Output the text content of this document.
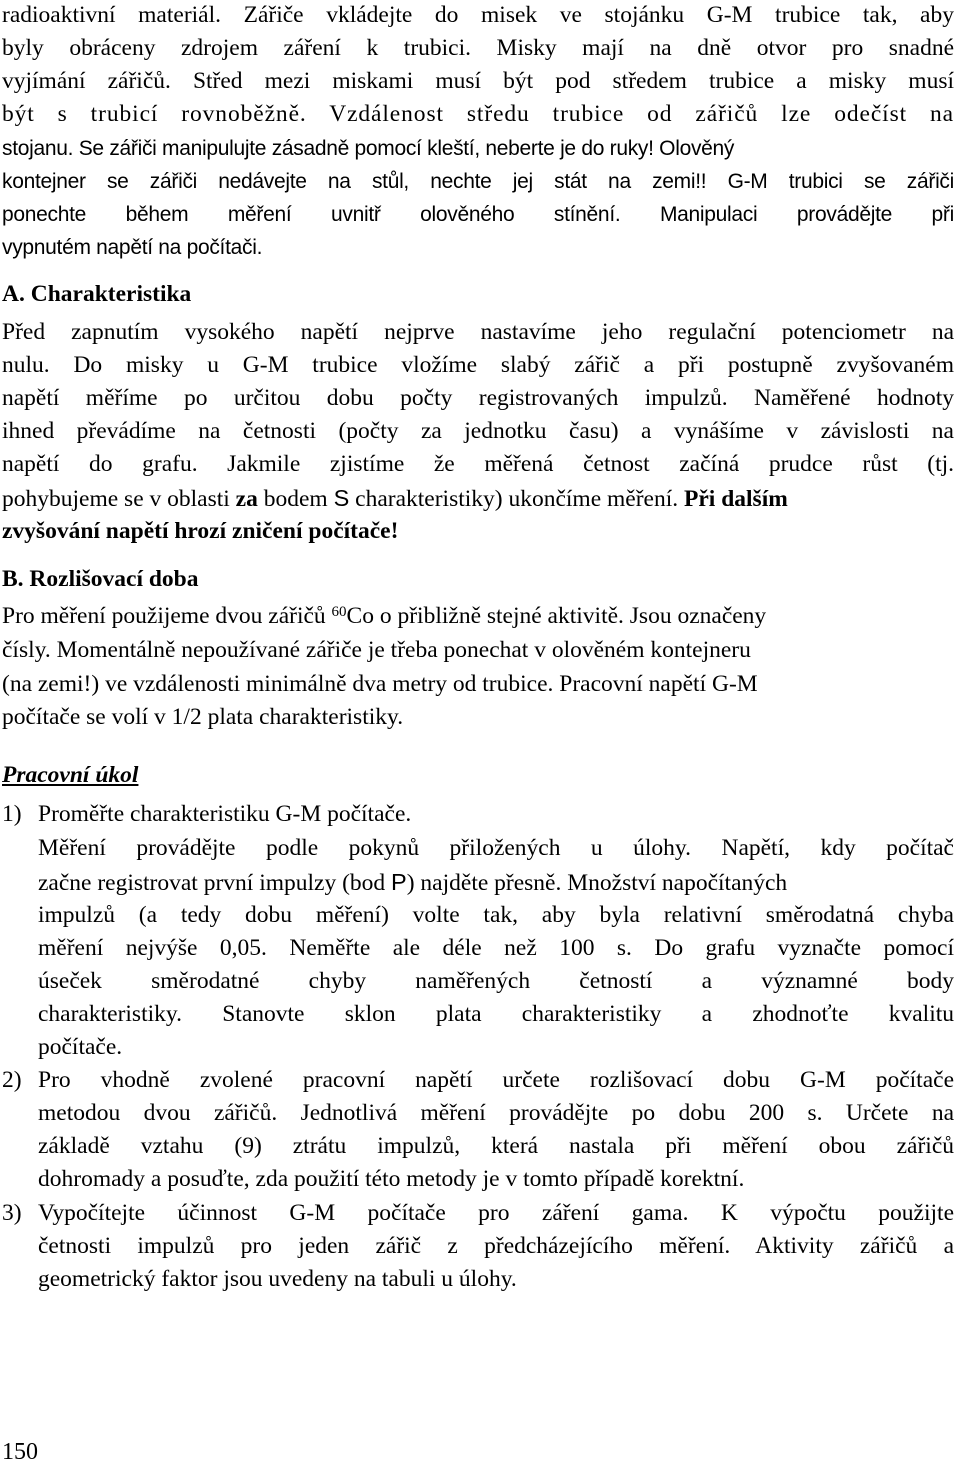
radioaktivní materiál. Zářiče vkládejte do misek ve stojánku G-M trubice tak, aby
byly obráceny zdrojem záření k trubici. Misky mají na dně otvor pro snadné
vyjímání zářičů. Střed mezi miskami musí být pod středem trubice a misky musí
být s trubicí rovnoběžně. Vzdálenost středu trubice od zářičů lze odečíst na
stojanu. Se zářiči manipulujte zásadně pomocí kleští, neberte je do ruky! Olověný
kontejner se zářiči nedávejte na stůl, nechte jej stát na zemi!! G-M trubici se zářiči
ponechte během měření uvnitř olověného stínění. Manipulaci provádějte při
vypnutém napětí na počítači.
A. Charakteristika
Před zapnutím vysokého napětí nejprve nastavíme jeho regulační potenciometr na
nulu. Do misky u G-M trubice vložíme slabý zářič a při postupně zvyšovaném
napětí měříme po určitou dobu počty registrovaných impulzů. Naměřené hodnoty
ihned převádíme na četnosti (počty za jednotku času) a vynášíme v závislosti na
napětí do grafu. Jakmile zjistíme že měřená četnost začíná prudce růst (tj.
pohybujeme se v oblasti za bodem S charakteristiky) ukončíme měření. Při dalším
zvyšování napětí hrozí zničení počítače!
B. Rozlišovací doba
Pro měření použijeme dvou zářičů $^{60}$Co o přibližně stejné aktivitě. Jsou označeny
čísly. Momentálně nepoužívané zářiče je třeba ponechat v olověném kontejneru
(na zemi!) ve vzdálenosti minimálně dva metry od trubice. Pracovní napětí G-M
počítače se volí v 1/2 plata charakteristiky.
Pracovní úkol
1) Proměřte charakteristiku G-M počítače.
Měření provádějte podle pokynů přiložených u úlohy. Napětí, kdy počítač
začne registrovat první impulzy (bod P) najděte přesně. Množství napočítaných
impulzů (a tedy dobu měření) volte tak, aby byla relativní směrodatná chyba
měření nejvýše 0,05. Neměřte ale déle než 100 s. Do grafu vyznačte pomocí
úseček směrodatné chyby naměřených četností a významné body
charakteristiky. Stanovte sklon plata charakteristiky a zhodnoťte kvalitu
počítače.
2) Pro vhodně zvolené pracovní napětí určete rozlišovací dobu G-M počítače
metodou dvou zářičů. Jednotlivá měření provádějte po dobu 200 s. Určete na
základě vztahu (9) ztrátu impulzů, která nastala při měření obou zářičů
dohromady a posuďte, zda použití této metody je v tomto případě korektní.
3) Vypočítejte účinnost G-M počítače pro záření gama. K výpočtu použijte
četnosti impulzů pro jeden zářič z předcházejícího měření. Aktivity zářičů a
geometrický faktor jsou uvedeny na tabuli u úlohy.
150
